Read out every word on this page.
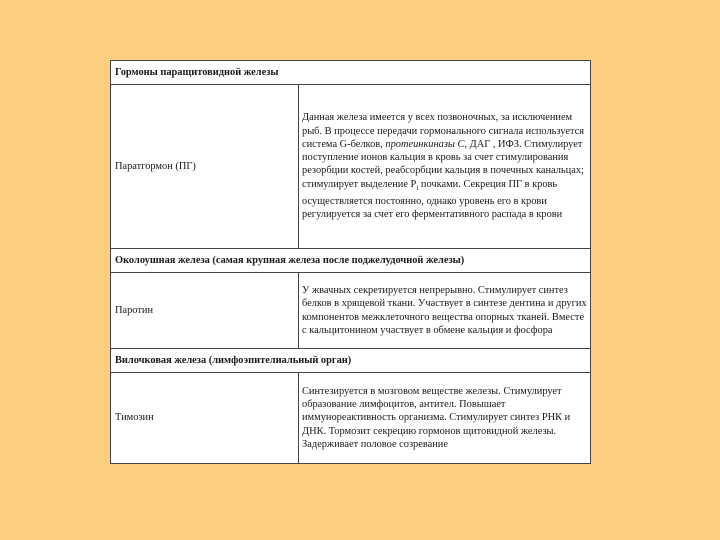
Гормоны паращитовидной железы	
Паратгормон (ПГ)	Данная железа имеется у всех позвоночных, за исключением рыб. В процессе передачи гормонального сигнала используется система G-белков, протеинкиназы С, ДАГ , ИФЗ. Стимулирует поступление ионов кальция в кровь за счет стимулирования резорбции костей, реабсорбции кальция в почечных канальцах; стимулирует выделение $Р_i$ почками. Секреция ПГ в кровь осуществляется постоянно, однако уровень его в крови регулируется за счет его ферментативного распада в крови
Околоушная железа (самая крупная железа после поджелудочной железы)	
Паротин	У жвачных секретируется непрерывно. Стимулирует синтез белков в хрящевой ткани. Участвует в синтезе дентина и других компонентов межклеточного вещества опорных тканей. Вместе с кальцитонином участвует в обмене кальция и фосфора
Вилочковая железа (лимфоэпителиальный орган)	
Тимозин	Синтезируется в мозговом веществе железы. Стимулирует образование лимфоцитов, антител. Повышает иммунореактивность организма. Стимулирует синтез РНК и ДНК. Тормозит секрецию гормонов щитовидной железы. Задерживает половое созревание
